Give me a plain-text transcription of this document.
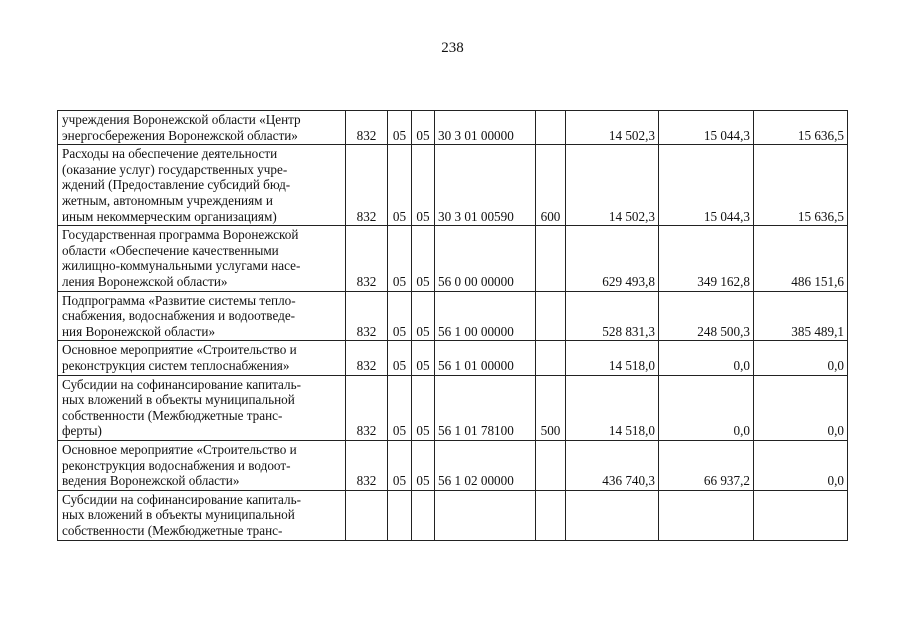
238
учреждения Воронежской области «Центр
энергосбережения Воронежской области»	832	05	05	30 3 01 00000		14 502,3	15 044,3	15 636,5

Расходы на обеспечение деятельности
(оказание услуг) государственных учре-
ждений (Предоставление субсидий бюд-
жетным, автономным учреждениям и
иным некоммерческим организациям)	832	05	05	30 3 01 00590	600	14 502,3	15 044,3	15 636,5

Государственная программа Воронежской
области «Обеспечение качественными
жилищно-коммунальными услугами насе-
ления Воронежской области»	832	05	05	56 0 00 00000		629 493,8	349 162,8	486 151,6

Подпрограмма «Развитие системы тепло-
снабжения, водоснабжения и водоотведе-
ния Воронежской области»	832	05	05	56 1 00 00000		528 831,3	248 500,3	385 489,1

Основное мероприятие «Строительство и
реконструкция систем теплоснабжения»	832	05	05	56 1 01 00000		14 518,0	0,0	0,0

Субсидии на софинансирование капиталь-
ных вложений в объекты муниципальной
собственности (Межбюджетные транс-
ферты)	832	05	05	56 1 01 78100	500	14 518,0	0,0	0,0

Основное мероприятие «Строительство и
реконструкция водоснабжения и водоот-
ведения Воронежской области»	832	05	05	56 1 02 00000		436 740,3	66 937,2	0,0

Субсидии на софинансирование капиталь-
ных вложений в объекты муниципальной
собственности (Межбюджетные транс-								
